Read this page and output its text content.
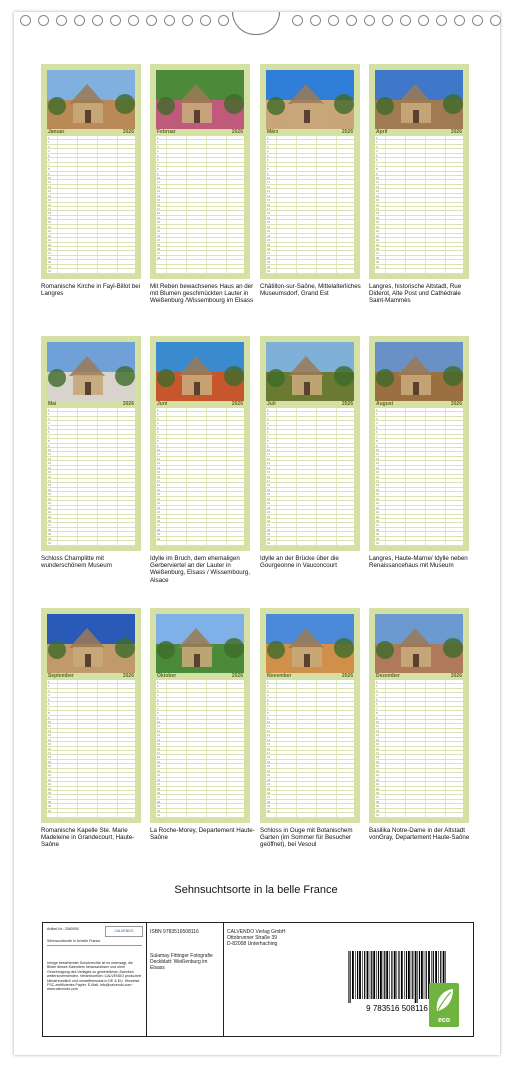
Januar	2026
1
2
3
4
5
6
7
8
9
10
11
12
13
14
15
16
17
18
19
20
21
22
23
24
25
26
27
28
29
30
31
Romanische Kirche in Fayl-Billot bei Langres
Februar	2026
1
2
3
4
5
6
7
8
9
10
11
12
13
14
15
16
17
18
19
20
21
22
23
24
25
26
27
28
Mit Reben bewachsenes Haus an der mit Blumen geschmückten Lauter in Weißenburg /Wissembourg im Elsass
März	2026
1
2
3
4
5
6
7
8
9
10
11
12
13
14
15
16
17
18
19
20
21
22
23
24
25
26
27
28
29
30
31
Châtillon-sur-Saône, Mittelalterliches Museumsdorf, Grand Est
April	2026
1
2
3
4
5
6
7
8
9
10
11
12
13
14
15
16
17
18
19
20
21
22
23
24
25
26
27
28
29
30
Langres, historische Altstadt, Rue Diderot, Alte Post und Cathédrale Saint-Mammès
Mai	2026
1
2
3
4
5
6
7
8
9
10
11
12
13
14
15
16
17
18
19
20
21
22
23
24
25
26
27
28
29
30
31
Schloss Champlitte mit wunderschönem Museum
Juni	2026
1
2
3
4
5
6
7
8
9
10
11
12
13
14
15
16
17
18
19
20
21
22
23
24
25
26
27
28
29
30
Idylle im Bruch, dem ehemaligen Gerberviertel an der Lauter in Weißenburg, Elsass / Wissembourg, Alsace
Juli	2026
1
2
3
4
5
6
7
8
9
10
11
12
13
14
15
16
17
18
19
20
21
22
23
24
25
26
27
28
29
30
31
Idylle an der Brücke über die Gourgeonne in Vauconcourt
August	2026
1
2
3
4
5
6
7
8
9
10
11
12
13
14
15
16
17
18
19
20
21
22
23
24
25
26
27
28
29
30
31
Langres, Haute-Marne/ Idylle neben Renaissancehaus mit Museum
September	2026
1
2
3
4
5
6
7
8
9
10
11
12
13
14
15
16
17
18
19
20
21
22
23
24
25
26
27
28
29
30
Romanische Kapelle Ste. Marie Madeleine in Grandecourt, Haute-Saône
Oktober	2026
1
2
3
4
5
6
7
8
9
10
11
12
13
14
15
16
17
18
19
20
21
22
23
24
25
26
27
28
29
30
31
La Roche-Morey, Departement Haute-Saône
November	2026
1
2
3
4
5
6
7
8
9
10
11
12
13
14
15
16
17
18
19
20
21
22
23
24
25
26
27
28
29
30
Schloss in Ouge mit Botanischem Garten (im Sommer für Besucher geöffnet), bei Vesoul
Dezember	2026
1
2
3
4
5
6
7
8
9
10
11
12
13
14
15
16
17
18
19
20
21
22
23
24
25
26
27
28
29
30
31
Basilika Notre-Dame in der Altstadt vonGray, Departement Haute-Saône
Sehnsuchtsorte in la belle France
Artikel-Nr.: 2060000	CALVENDO
Sehnsuchtsorte in la belle France
Infolge bestehender Schutzrechte ist es untersagt, die Bilder dieses Kalenders herauszulösen und ohne Genehmigung des Verlages zu gewerblichen Zwecken weiterzuverwenden. Verantwortlich: CALVENDO produziert klimafreundlich und umweltbewusst in DE & EU. Hinweise: FSC-zertifiziertes Papier. E-Mail: info@calvendo.com · www.calvendo.com
ISBN 9783516508116
Sulamay Fittinger Fotografie
Deckblatt: Weißenburg im Elsass
CALVENDO Verlag GmbH
Ottobrunner Straße 39
D-82008 Unterhaching
9 783516 508116
eco
